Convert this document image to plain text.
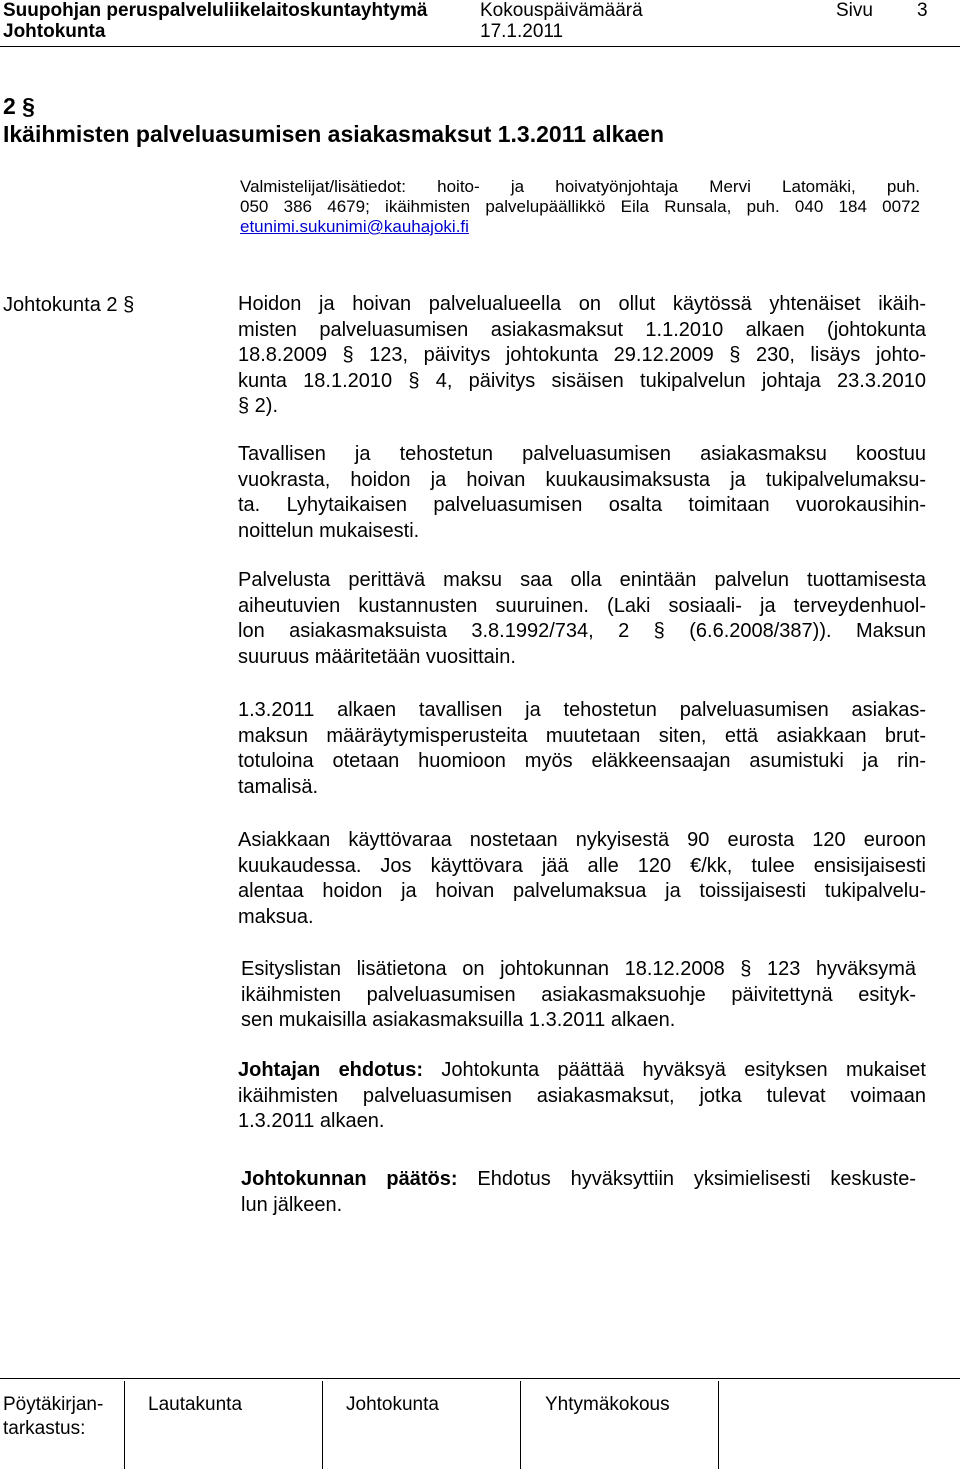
Suupohjan peruspalveluliikelaitoskuntayhtymä
Johtokunta
Kokouspäivämäärä
17.1.2011
Sivu 3
2 §
Ikäihmisten palveluasumisen asiakasmaksut 1.3.2011 alkaen
Valmistelijat/lisätiedot: hoito- ja hoivatyönjohtaja Mervi Latomäki, puh.
050 386 4679; ikäihmisten palvelupäällikkö Eila Runsala, puh. 040 184 0072
etunimi.sukunimi@kauhajoki.fi
Johtokunta 2 §	Hoidon ja hoivan palvelualueella on ollut käytössä yhtenäiset ikäih-
misten palveluasumisen asiakasmaksut 1.1.2010 alkaen (johtokunta
18.8.2009 § 123, päivitys johtokunta 29.12.2009 § 230, lisäys johto-
kunta 18.1.2010 § 4, päivitys sisäisen tukipalvelun johtaja 23.3.2010
§ 2).
Tavallisen ja tehostetun palveluasumisen asiakasmaksu koostuu
vuokrasta, hoidon ja hoivan kuukausimaksusta ja tukipalvelumaksu-
ta. Lyhytaikaisen palveluasumisen osalta toimitaan vuorokausihin-
noittelun mukaisesti.
Palvelusta perittävä maksu saa olla enintään palvelun tuottamisesta
aiheutuvien kustannusten suuruinen. (Laki sosiaali- ja terveydenhuol-
lon asiakasmaksuista 3.8.1992/734, 2 § (6.6.2008/387)). Maksun
suuruus määritetään vuosittain.
1.3.2011 alkaen tavallisen ja tehostetun palveluasumisen asiakas-
maksun määräytymisperusteita muutetaan siten, että asiakkaan brut-
totuloina otetaan huomioon myös eläkkeensaajan asumistuki ja rin-
tamalisä.
Asiakkaan käyttövaraa nostetaan nykyisestä 90 eurosta 120 euroon
kuukaudessa. Jos käyttövara jää alle 120 €/kk, tulee ensisijaisesti
alentaa hoidon ja hoivan palvelumaksua ja toissijaisesti tukipalvelu-
maksua.
Esityslistan lisätietona on johtokunnan 18.12.2008 § 123 hyväksymä
ikäihmisten palveluasumisen asiakasmaksuohje päivitettynä esityk-
sen mukaisilla asiakasmaksuilla 1.3.2011 alkaen.
Johtajan ehdotus: Johtokunta päättää hyväksyä esityksen mukaiset
ikäihmisten palveluasumisen asiakasmaksut, jotka tulevat voimaan
1.3.2011 alkaen.
Johtokunnan päätös: Ehdotus hyväksyttiin yksimielisesti keskuste-
lun jälkeen.
Pöytäkirjan-
tarkastus:
Lautakunta	Johtokunta	Yhtymäkokous
